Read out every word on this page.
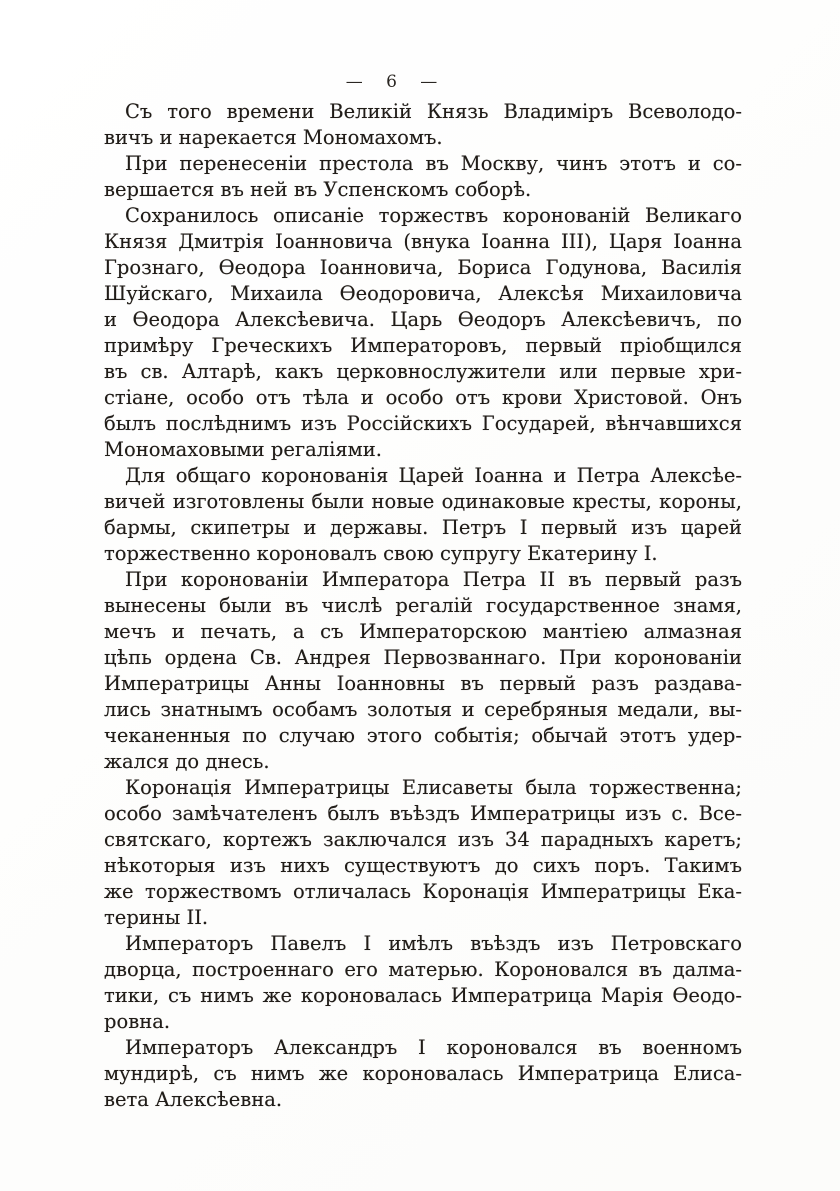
— 6 —
Съ того времени Великій Князь Владиміръ Всеволодо-
вичъ и нарекается Мономахомъ.
При перенесеніи престола въ Москву, чинъ этотъ и со-
вершается въ ней въ Успенскомъ соборѣ.
Сохранилось описаніе торжествъ коронованій Великаго
Князя Дмитрія Іоанновича (внука Іоанна III), Царя Іоанна
Грознаго, Ѳеодора Іоанновича, Бориса Годунова, Василія
Шуйскаго, Михаила Ѳеодоровича, Алексѣя Михаиловича
и Ѳеодора Алексѣевича. Царь Ѳеодоръ Алексѣевичъ, по
примѣру Греческихъ Императоровъ, первый пріобщился
въ св. Алтарѣ, какъ церковнослужители или первые хри-
стіане, особо отъ тѣла и особо отъ крови Христовой. Онъ
былъ послѣднимъ изъ Россійскихъ Государей, вѣнчавшихся
Мономаховыми регаліями.
Для общаго коронованія Царей Іоанна и Петра Алексѣе-
вичей изготовлены были новые одинаковые кресты, короны,
бармы, скипетры и державы. Петръ I первый изъ царей
торжественно короновалъ свою супругу Екатерину I.
При коронованіи Императора Петра II въ первый разъ
вынесены были въ числѣ регалій государственное знамя,
мечъ и печать, а съ Императорскою мантіею алмазная
цѣпь ордена Св. Андрея Первозваннаго. При коронованіи
Императрицы Анны Іоанновны въ первый разъ раздава-
лись знатнымъ особамъ золотыя и серебряныя медали, вы-
чеканенныя по случаю этого событія; обычай этотъ удер-
жался до днесь.
Коронація Императрицы Елисаветы была торжественна;
особо замѣчателенъ былъ въѣздъ Императрицы изъ с. Все-
святскаго, кортежъ заключался изъ 34 парадныхъ каретъ;
нѣкоторыя изъ нихъ существуютъ до сихъ поръ. Такимъ
же торжествомъ отличалась Коронація Императрицы Ека-
терины II.
Императоръ Павелъ I имѣлъ въѣздъ изъ Петровскаго
дворца, построеннаго его матерью. Короновался въ далма-
тики, съ нимъ же короновалась Императрица Марія Ѳеодо-
ровна.
Императоръ Александръ I короновался въ военномъ
мундирѣ, съ нимъ же короновалась Императрица Елиса-
вета Алексѣевна.
